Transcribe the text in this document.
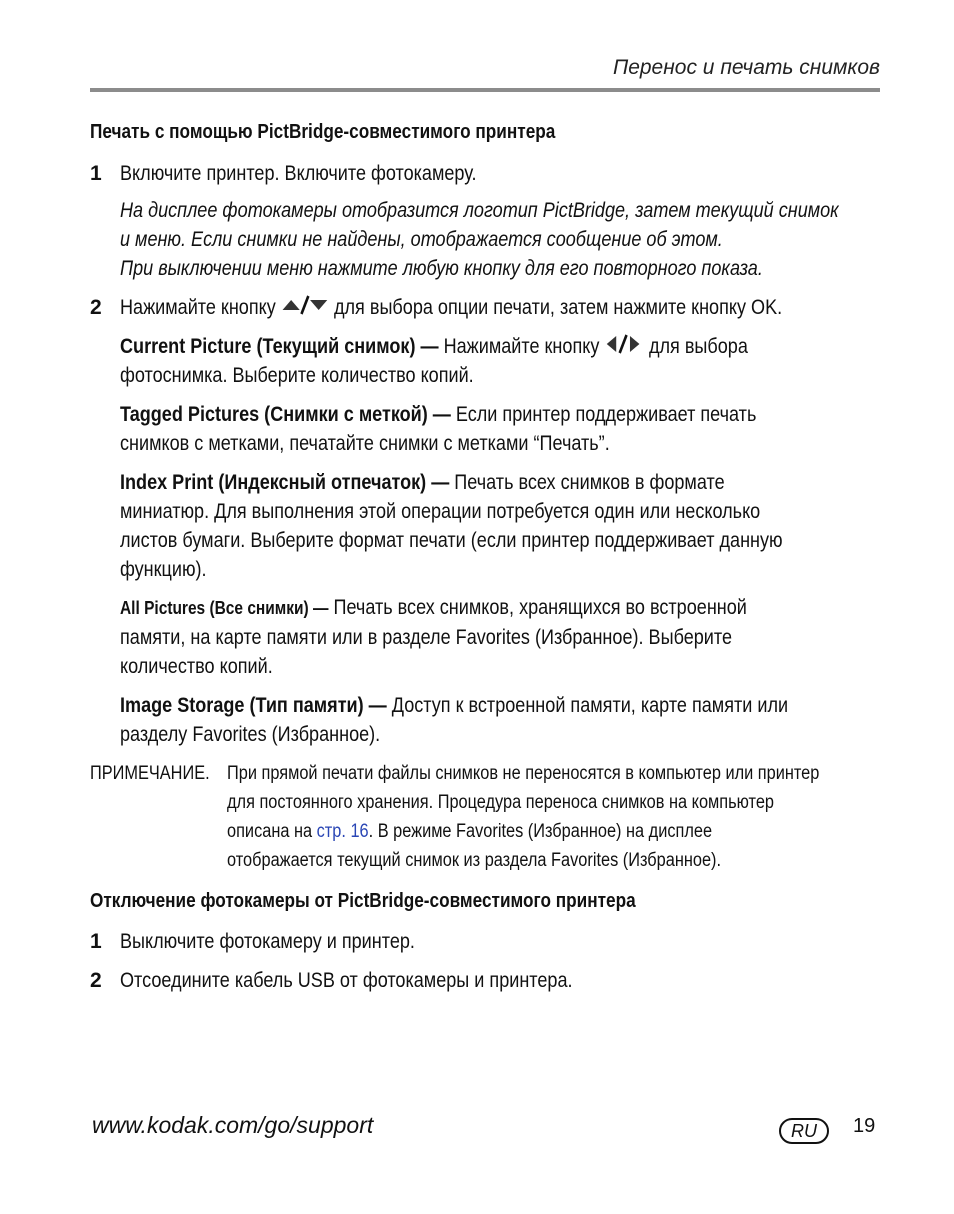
Перенос и печать снимков
Печать с помощью PictBridge-совместимого принтера
1 Включите принтер. Включите фотокамеру.
На дисплее фотокамеры отобразится логотип PictBridge, затем текущий снимок
и меню. Если снимки не найдены, отображается сообщение об этом.
При выключении меню нажмите любую кнопку для его повторного показа.
2 Нажимайте кнопку	для выбора опции печати, затем нажмите кнопку OK.
Current Picture (Текущий снимок) — Нажимайте кнопку для выбора
фотоснимка. Выберите количество копий.
Tagged Pictures (Снимки с меткой) — Если принтер поддерживает печать
снимков с метками, печатайте снимки с метками “Печать”.
Index Print (Индексный отпечаток) — Печать всех снимков в формате
миниатюр. Для выполнения этой операции потребуется один или несколько
листов бумаги. Выберите формат печати (если принтер поддерживает данную
функцию).
All Pictures (Все снимки) — Печать всех снимков, хранящихся во встроенной
памяти, на карте памяти или в разделе Favorites (Избранное). Выберите
количество копий.
Image Storage (Тип памяти) — Доступ к встроенной памяти, карте памяти или
разделу Favorites (Избранное).
ПРИМЕЧАНИЕ. При прямой печати файлы снимков не переносятся в компьютер или принтер
для постоянного хранения. Процедура переноса снимков на компьютер
описана на стр. 16. В режиме Favorites (Избранное) на дисплее
отображается текущий снимок из раздела Favorites (Избранное).
Отключение фотокамеры от PictBridge-совместимого принтера
1 Выключите фотокамеру и принтер.
2 Отсоедините кабель USB от фотокамеры и принтера.
www.kodak.com/go/support	RU	19
